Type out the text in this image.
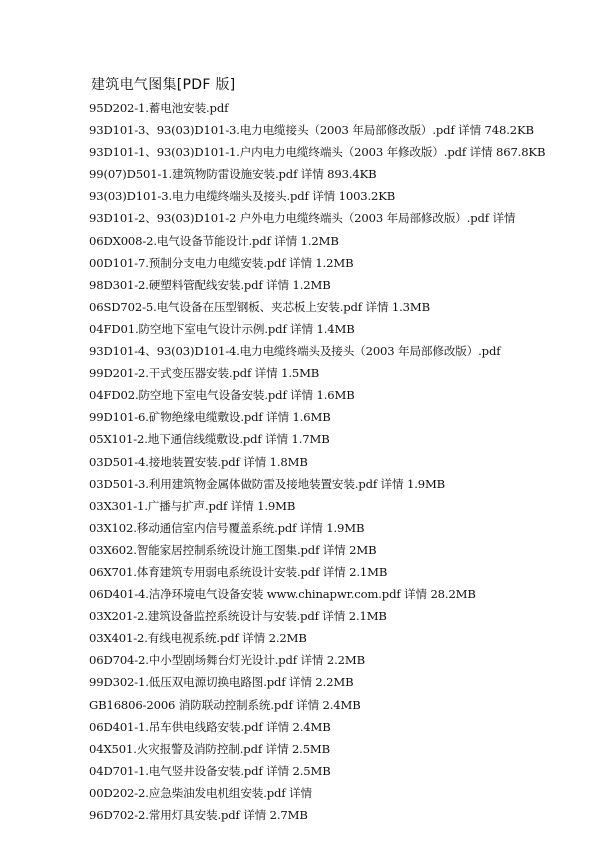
建筑电气图集[PDF 版]
95D202-1.蓄电池安装.pdf
93D101-3、93(03)D101-3.电力电缆接头（2003 年局部修改版）.pdf 详情 748.2KB
93D101-1、93(03)D101-1.户内电力电缆终端头（2003 年修改版）.pdf 详情 867.8KB
99(07)D501-1.建筑物防雷设施安装.pdf 详情 893.4KB
93(03)D101-3.电力电缆终端头及接头.pdf 详情 1003.2KB
93D101-2、93(03)D101-2 户外电力电缆终端头（2003 年局部修改版）.pdf 详情
06DX008-2.电气设备节能设计.pdf 详情 1.2MB
00D101-7.预制分支电力电缆安装.pdf 详情 1.2MB
98D301-2.硬塑料管配线安装.pdf 详情 1.2MB
06SD702-5.电气设备在压型钢板、夹芯板上安装.pdf 详情 1.3MB
04FD01.防空地下室电气设计示例.pdf 详情 1.4MB
93D101-4、93(03)D101-4.电力电缆终端头及接头（2003 年局部修改版）.pdf
99D201-2.干式变压器安装.pdf 详情 1.5MB
04FD02.防空地下室电气设备安装.pdf 详情 1.6MB
99D101-6.矿物绝缘电缆敷设.pdf 详情 1.6MB
05X101-2.地下通信线缆敷设.pdf 详情 1.7MB
03D501-4.接地装置安装.pdf 详情 1.8MB
03D501-3.利用建筑物金属体做防雷及接地装置安装.pdf 详情 1.9MB
03X301-1.广播与扩声.pdf 详情 1.9MB
03X102.移动通信室内信号覆盖系统.pdf 详情 1.9MB
03X602.智能家居控制系统设计施工图集.pdf 详情 2MB
06X701.体育建筑专用弱电系统设计安装.pdf 详情 2.1MB
06D401-4.洁净环境电气设备安装 www.chinapwr.com.pdf 详情 28.2MB
03X201-2.建筑设备监控系统设计与安装.pdf 详情 2.1MB
03X401-2.有线电视系统.pdf 详情 2.2MB
06D704-2.中小型剧场舞台灯光设计.pdf 详情 2.2MB
99D302-1.低压双电源切换电路图.pdf 详情 2.2MB
GB16806-2006 消防联动控制系统.pdf 详情 2.4MB
06D401-1.吊车供电线路安装.pdf 详情 2.4MB
04X501.火灾报警及消防控制.pdf 详情 2.5MB
04D701-1.电气竖井设备安装.pdf 详情 2.5MB
00D202-2.应急柴油发电机组安装.pdf 详情
96D702-2.常用灯具安装.pdf 详情 2.7MB
